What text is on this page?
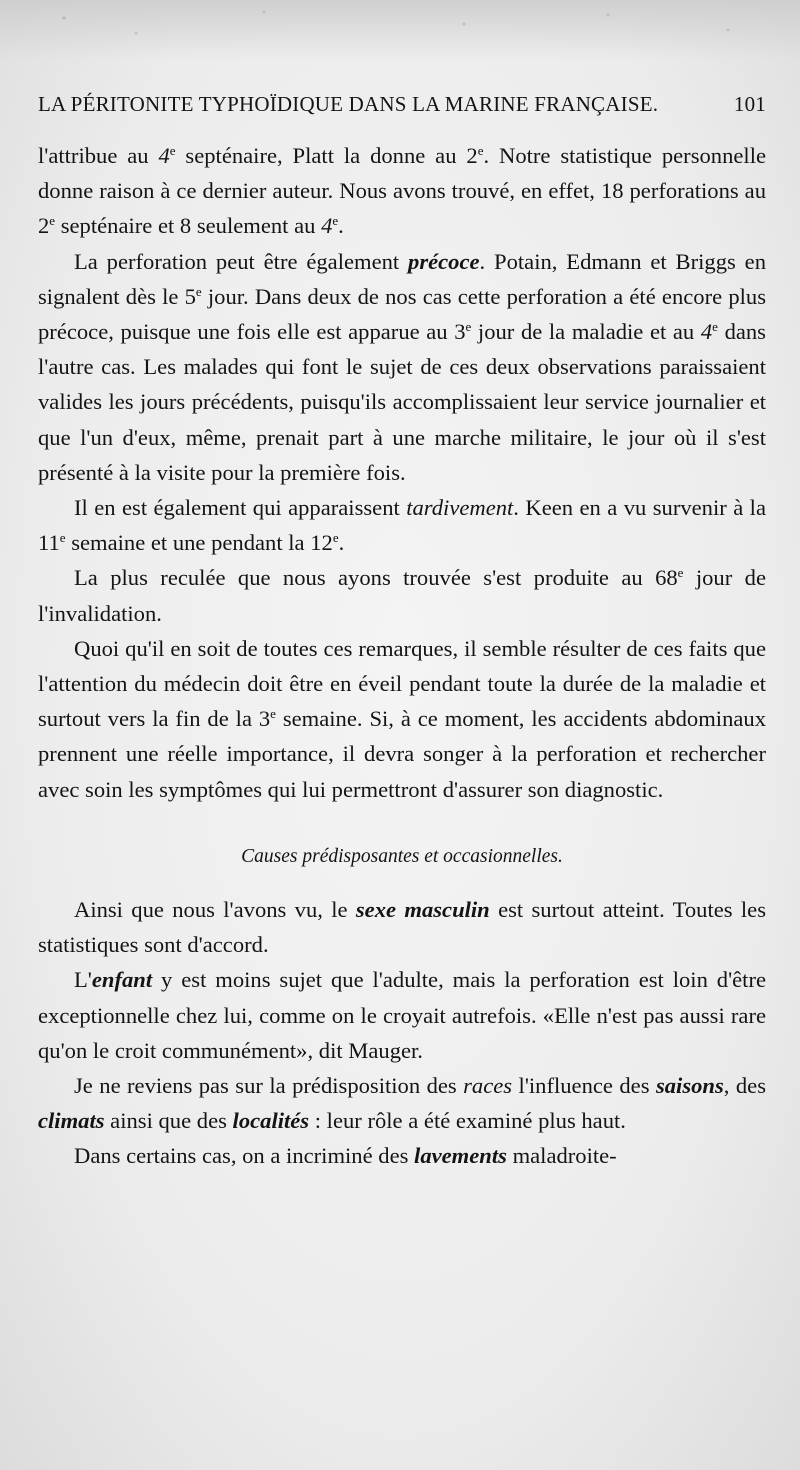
LA PÉRITONITE TYPHOÏDIQUE DANS LA MARINE FRANÇAISE.	101

l'attribue au 4e septénaire, Platt la donne au 2e. Notre statistique personnelle donne raison à ce dernier auteur. Nous avons trouvé, en effet, 18 perforations au 2e septénaire et 8 seulement au 4e.

La perforation peut être également précoce. Potain, Edmann et Briggs en signalent dès le 5e jour. Dans deux de nos cas cette perforation a été encore plus précoce, puisque une fois elle est apparue au 3e jour de la maladie et au 4e dans l'autre cas. Les malades qui font le sujet de ces deux observations paraissaient valides les jours précédents, puisqu'ils accomplissaient leur service journalier et que l'un d'eux, même, prenait part à une marche militaire, le jour où il s'est présenté à la visite pour la première fois.

Il en est également qui apparaissent tardivement. Keen en a vu survenir à la 11e semaine et une pendant la 12e.

La plus reculée que nous ayons trouvée s'est produite au 68e jour de l'invalidation.

Quoi qu'il en soit de toutes ces remarques, il semble résulter de ces faits que l'attention du médecin doit être en éveil pendant toute la durée de la maladie et surtout vers la fin de la 3e semaine. Si, à ce moment, les accidents abdominaux prennent une réelle importance, il devra songer à la perforation et rechercher avec soin les symptômes qui lui permettront d'assurer son diagnostic.

Causes prédisposantes et occasionnelles.

Ainsi que nous l'avons vu, le sexe masculin est surtout atteint. Toutes les statistiques sont d'accord.

L'enfant y est moins sujet que l'adulte, mais la perforation est loin d'être exceptionnelle chez lui, comme on le croyait autrefois. «Elle n'est pas aussi rare qu'on le croit communément», dit Mauger.

Je ne reviens pas sur la prédisposition des races l'influence des saisons, des climats ainsi que des localités : leur rôle a été examiné plus haut.

Dans certains cas, on a incriminé des lavements maladroite-
